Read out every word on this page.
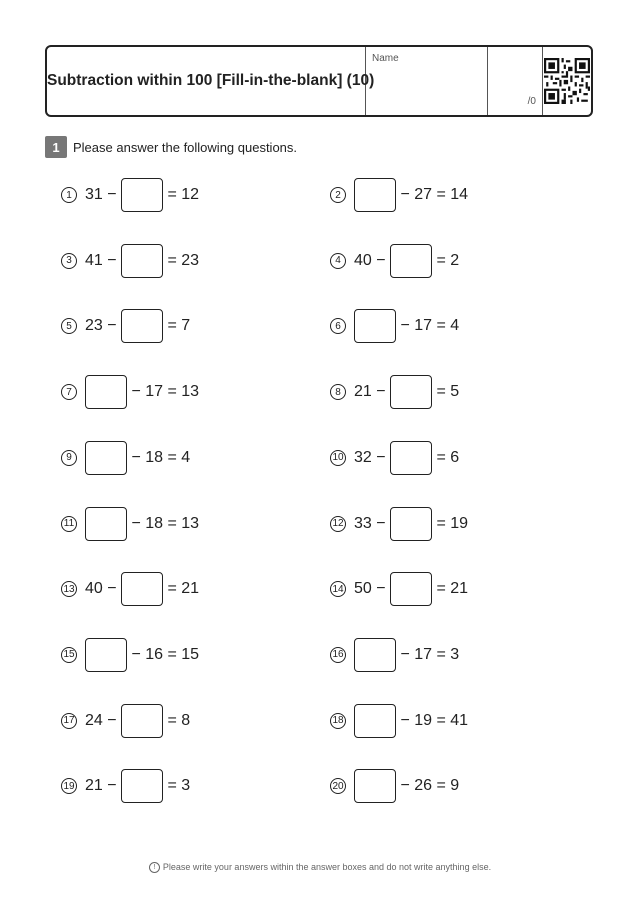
Subtraction within 100 [Fill-in-the-blank] (10)
Name
/0
1	Please answer the following questions.
1 31 −	= 12	2	− 27 = 14
3 41 −	= 23	4 40 −	= 2
5 23 −	= 7	6	− 17 = 4
7	− 17 = 13	8 21 −	= 5
9	− 18 = 4	10 32 −	= 6
11	− 18 = 13	12 33 −	= 19
13 40 −	= 21	14 50 −	= 21
15	− 16 = 15	16	− 17 = 3
17 24 −	= 8	18	− 19 = 41
19 21 −	= 3	20	− 26 = 9
! Please write your answers within the answer boxes and do not write anything else.
